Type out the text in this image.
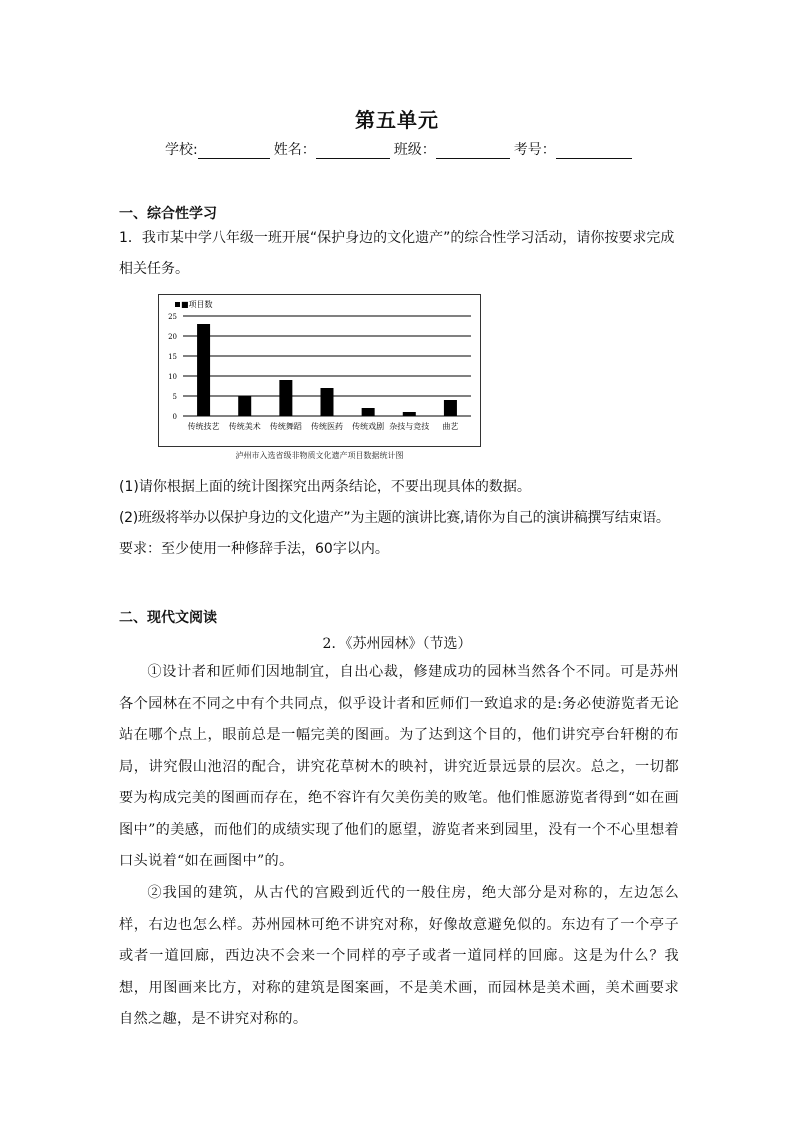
第五单元
学校:	姓名：	班级：	考号：
一、综合性学习

1．我市某中学八年级一班开展“保护身边的文化遗产”的综合性学习活动，请你按要求完成相关任务。

■项目数
0
5
10
15
20
25
传统技艺 传统美术 传统舞蹈 传统医药 传统戏剧 杂技与竞技 曲艺
泸州市入选省级非物质文化遗产项目数据统计图

(1)请你根据上面的统计图探究出两条结论，不要出现具体的数据。

(2)班级将举办以保护身边的文化遗产”为主题的演讲比赛,请你为自己的演讲稿撰写结束语。

要求：至少使用一种修辞手法，60字以内。

二、现代文阅读
2．《苏州园林》（节选）

①设计者和匠师们因地制宜，自出心裁，修建成功的园林当然各个不同。可是苏州各个园林在不同之中有个共同点，似乎设计者和匠师们一致追求的是:务必使游览者无论站在哪个点上，眼前总是一幅完美的图画。为了达到这个目的，他们讲究亭台轩榭的布局，讲究假山池沼的配合，讲究花草树木的映衬，讲究近景远景的层次。总之，一切都要为构成完美的图画而存在，绝不容许有欠美伤美的败笔。他们惟愿游览者得到“如在画图中”的美感，而他们的成绩实现了他们的愿望，游览者来到园里，没有一个不心里想着口头说着“如在画图中”的。

②我国的建筑，从古代的宫殿到近代的一般住房，绝大部分是对称的，左边怎么样，右边也怎么样。苏州园林可绝不讲究对称，好像故意避免似的。东边有了一个亭子或者一道回廊，西边决不会来一个同样的亭子或者一道同样的回廊。这是为什么？我想，用图画来比方，对称的建筑是图案画，不是美术画，而园林是美术画，美术画要求自然之趣，是不讲究对称的。
